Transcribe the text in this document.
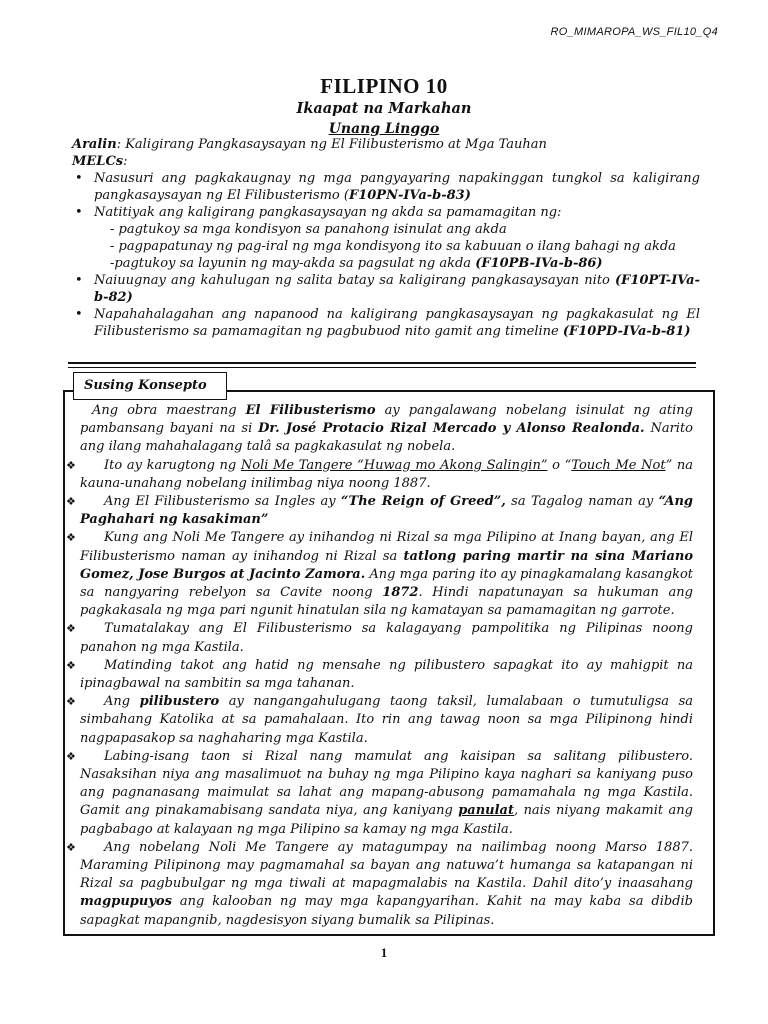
RO_MIMAROPA_WS_FIL10_Q4
FILIPINO 10
Ikaapat na Markahan
Unang Linggo
Aralin: Kaligirang Pangkasaysayan ng El Filibusterismo at Mga Tauhan
MELCs:
• Nasusuri ang pagkakaugnay ng mga pangyayaring napakinggan tungkol sa kaligirang pangkasaysayan ng El Filibusterismo (F10PN-IVa-b-83)
• Natitiyak ang kaligirang pangkasaysayan ng akda sa pamamagitan ng:
- pagtukoy sa mga kondisyon sa panahong isinulat ang akda
- pagpapatunay ng pag-iral ng mga kondisyong ito sa kabuuan o ilang bahagi ng akda
-pagtukoy sa layunin ng may-akda sa pagsulat ng akda (F10PB-IVa-b-86)
• Naiuugnay ang kahulugan ng salita batay sa kaligirang pangkasaysayan nito (F10PT-IVa-b-82)
• Napahahalagahan ang napanood na kaligirang pangkasaysayan ng pagkakasulat ng El Filibusterismo sa pamamagitan ng pagbubuod nito gamit ang timeline (F10PD-IVa-b-81)
Susing Konsepto

Ang obra maestrang El Filibusterismo ay pangalawang nobelang isinulat ng ating pambansang bayani na si Dr. José Protacio Rizal Mercado y Alonso Realonda. Narito ang ilang mahahalagang talâ sa pagkakasulat ng nobela.

❖ Ito ay karugtong ng Noli Me Tangere “Huwag mo Akong Salingin” o “Touch Me Not” na kauna-unahang nobelang inilimbag niya noong 1887.
❖ Ang El Filibusterismo sa Ingles ay “The Reign of Greed”, sa Tagalog naman ay “Ang Paghahari ng kasakiman”
❖ Kung ang Noli Me Tangere ay inihandog ni Rizal sa mga Pilipino at Inang bayan, ang El Filibusterismo naman ay inihandog ni Rizal sa tatlong paring martir na sina Mariano Gomez, Jose Burgos at Jacinto Zamora. Ang mga paring ito ay pinagkamalang kasangkot sa nangyaring rebelyon sa Cavite noong 1872. Hindi napatunayan sa hukuman ang pagkakasala ng mga pari ngunit hinatulan sila ng kamatayan sa pamamagitan ng garrote.
❖ Tumatalakay ang El Filibusterismo sa kalagayang pampolitika ng Pilipinas noong panahon ng mga Kastila.
❖ Matinding takot ang hatid ng mensahe ng pilibustero sapagkat ito ay mahigpit na ipinagbawal na sambitin sa mga tahanan.
❖ Ang pilibustero ay nangangahulugang taong taksil, lumalabaan o tumutuligsa sa simbahang Katolika at sa pamahalaan. Ito rin ang tawag noon sa mga Pilipinong hindi nagpapasakop sa naghaharing mga Kastila.
❖ Labing-isang taon si Rizal nang mamulat ang kaisipan sa salitang pilibustero. Nasaksihan niya ang masalimuot na buhay ng mga Pilipino kaya naghari sa kaniyang puso ang pagnanasang maimulat sa lahat ang mapang-abusong pamamahala ng mga Kastila. Gamit ang pinakamabisang sandata niya, ang kaniyang panulat, nais niyang makamit ang pagbabago at kalayaan ng mga Pilipino sa kamay ng mga Kastila.
❖ Ang nobelang Noli Me Tangere ay matagumpay na nailimbag noong Marso 1887. Maraming Pilipinong may pagmamahal sa bayan ang natuwa’t humanga sa katapangan ni Rizal sa pagbubulgar ng mga tiwali at mapagmalabis na Kastila. Dahil dito’y inaasahang magpupuyos ang kalooban ng may mga kapangyarihan. Kahit na may kaba sa dibdib sapagkat mapangnib, nagdesisyon siyang bumalik sa Pilipinas.
1
